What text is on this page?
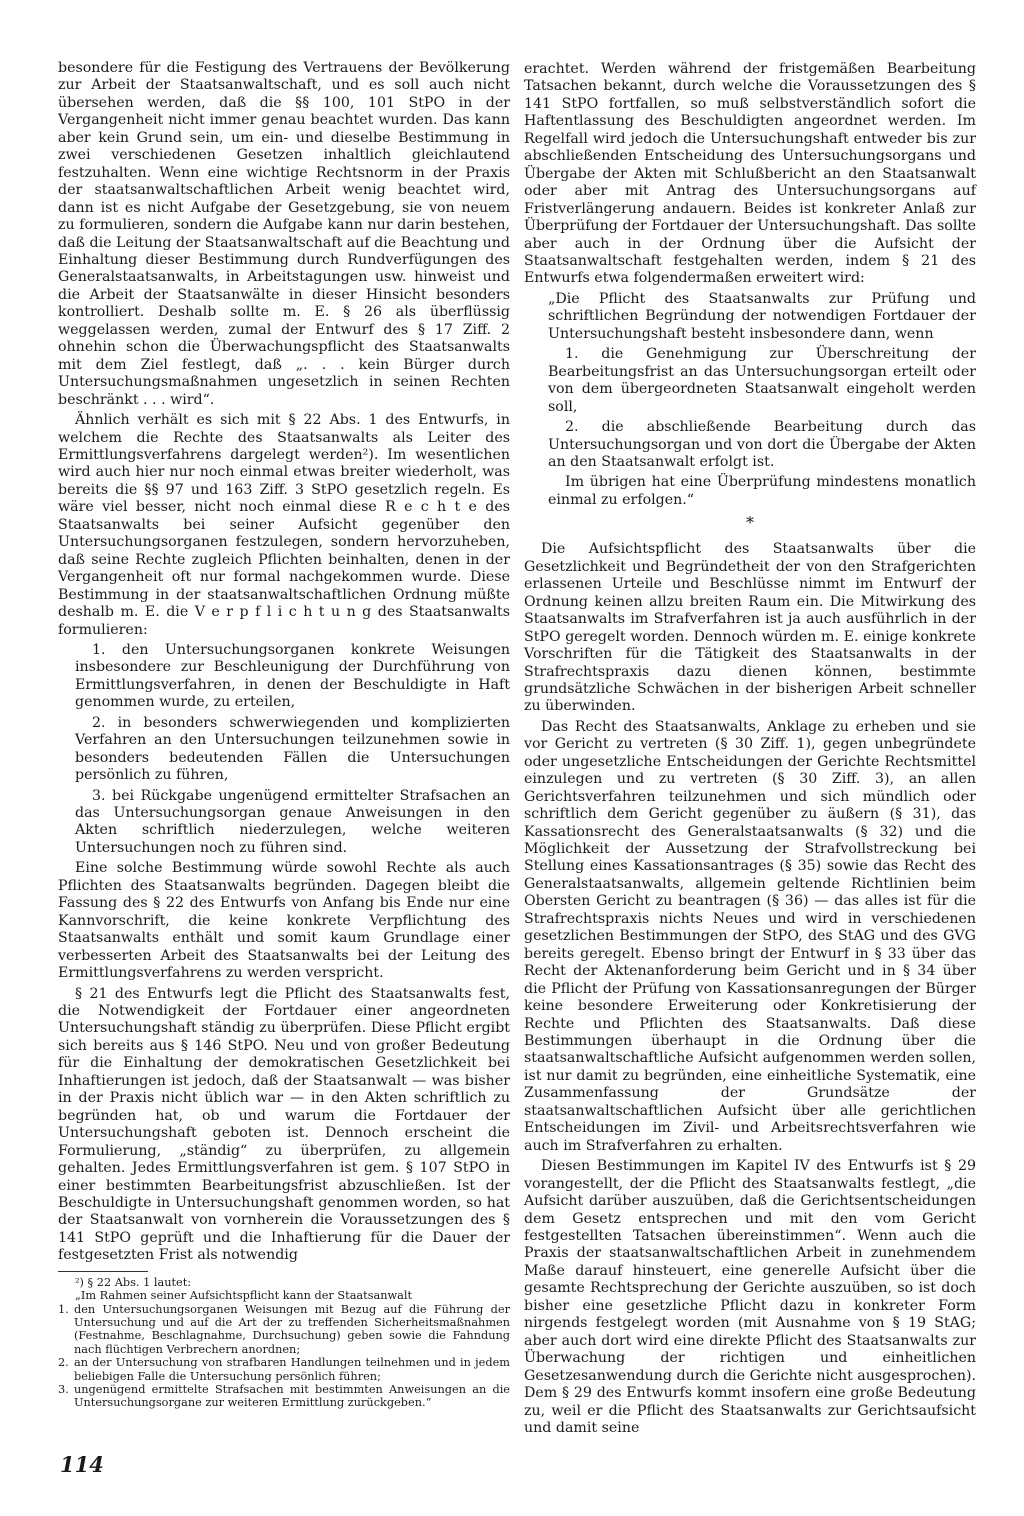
besondere für die Festigung des Vertrauens der Bevölkerung zur Arbeit der Staatsanwaltschaft, und es soll auch nicht übersehen werden, daß die §§ 100, 101 StPO in der Vergangenheit nicht immer genau beachtet wurden. Das kann aber kein Grund sein, um ein- und dieselbe Bestimmung in zwei verschiedenen Gesetzen inhaltlich gleichlautend festzuhalten. Wenn eine wichtige Rechtsnorm in der Praxis der staatsanwaltschaftlichen Arbeit wenig beachtet wird, dann ist es nicht Aufgabe der Gesetzgebung, sie von neuem zu formulieren, sondern die Aufgabe kann nur darin bestehen, daß die Leitung der Staatsanwaltschaft auf die Beachtung und Einhaltung dieser Bestimmung durch Rundverfügungen des Generalstaatsanwalts, in Arbeitstagungen usw. hinweist und die Arbeit der Staatsanwälte in dieser Hinsicht besonders kontrolliert. Deshalb sollte m. E. § 26 als überflüssig weggelassen werden, zumal der Entwurf des § 17 Ziff. 2 ohnehin schon die Überwachungspflicht des Staatsanwalts mit dem Ziel festlegt, daß „. . . kein Bürger durch Untersuchungsmaßnahmen ungesetzlich in seinen Rechten beschränkt . . . wird“.

Ähnlich verhält es sich mit § 22 Abs. 1 des Entwurfs, in welchem die Rechte des Staatsanwalts als Leiter des Ermittlungsverfahrens dargelegt werden²). Im wesentlichen wird auch hier nur noch einmal etwas breiter wiederholt, was bereits die §§ 97 und 163 Ziff. 3 StPO gesetzlich regeln. Es wäre viel besser, nicht noch einmal diese R e c h t e des Staatsanwalts bei seiner Aufsicht gegenüber den Untersuchungsorganen festzulegen, sondern hervorzuheben, daß seine Rechte zugleich Pflichten beinhalten, denen in der Vergangenheit oft nur formal nachgekommen wurde. Diese Bestimmung in der staatsanwaltschaftlichen Ordnung müßte deshalb m. E. die V e r p f l i c h t u n g des Staatsanwalts formulieren:

1. den Untersuchungsorganen konkrete Weisungen insbesondere zur Beschleunigung der Durchführung von Ermittlungsverfahren, in denen der Beschuldigte in Haft genommen wurde, zu erteilen,

2. in besonders schwerwiegenden und komplizierten Verfahren an den Untersuchungen teilzunehmen sowie in besonders bedeutenden Fällen die Untersuchungen persönlich zu führen,

3. bei Rückgabe ungenügend ermittelter Strafsachen an das Untersuchungsorgan genaue Anweisungen in den Akten schriftlich niederzulegen, welche weiteren Untersuchungen noch zu führen sind.

Eine solche Bestimmung würde sowohl Rechte als auch Pflichten des Staatsanwalts begründen. Dagegen bleibt die Fassung des § 22 des Entwurfs von Anfang bis Ende nur eine Kannvorschrift, die keine konkrete Verpflichtung des Staatsanwalts enthält und somit kaum Grundlage einer verbesserten Arbeit des Staatsanwalts bei der Leitung des Ermittlungsverfahrens zu werden verspricht.

§ 21 des Entwurfs legt die Pflicht des Staatsanwalts fest, die Notwendigkeit der Fortdauer einer angeordneten Untersuchungshaft ständig zu überprüfen. Diese Pflicht ergibt sich bereits aus § 146 StPO. Neu und von großer Bedeutung für die Einhaltung der demokratischen Gesetzlichkeit bei Inhaftierungen ist jedoch, daß der Staatsanwalt — was bisher in der Praxis nicht üblich war — in den Akten schriftlich zu begründen hat, ob und warum die Fortdauer der Untersuchungshaft geboten ist. Dennoch erscheint die Formulierung, „ständig“ zu überprüfen, zu allgemein gehalten. Jedes Ermittlungsverfahren ist gem. § 107 StPO in einer bestimmten Bearbeitungsfrist abzuschließen. Ist der Beschuldigte in Untersuchungshaft genommen worden, so hat der Staatsanwalt von vornherein die Voraussetzungen des § 141 StPO geprüft und die Inhaftierung für die Dauer der festgesetzten Frist als notwendig

²) § 22 Abs. 1 lautet:

„Im Rahmen seiner Aufsichtspflicht kann der Staatsanwalt

1. den Untersuchungsorganen Weisungen mit Bezug auf die Führung der Untersuchung und auf die Art der zu treffenden Sicherheitsmaßnahmen (Festnahme, Beschlagnahme, Durchsuchung) geben sowie die Fahndung nach flüchtigen Verbrechern anordnen;
2. an der Untersuchung von strafbaren Handlungen teilnehmen und in jedem beliebigen Falle die Untersuchung persönlich führen;
3. ungenügend ermittelte Strafsachen mit bestimmten Anweisungen an die Untersuchungsorgane zur weiteren Ermittlung zurückgeben.“

erachtet. Werden während der fristgemäßen Bearbeitung Tatsachen bekannt, durch welche die Voraussetzungen des § 141 StPO fortfallen, so muß selbstverständlich sofort die Haftentlassung des Beschuldigten angeordnet werden. Im Regelfall wird jedoch die Untersuchungshaft entweder bis zur abschließenden Entscheidung des Untersuchungsorgans und Übergabe der Akten mit Schlußbericht an den Staatsanwalt oder aber mit Antrag des Untersuchungsorgans auf Fristverlängerung andauern. Beides ist konkreter Anlaß zur Überprüfung der Fortdauer der Untersuchungshaft. Das sollte aber auch in der Ordnung über die Aufsicht der Staatsanwaltschaft festgehalten werden, indem § 21 des Entwurfs etwa folgendermaßen erweitert wird:

„Die Pflicht des Staatsanwalts zur Prüfung und schriftlichen Begründung der notwendigen Fortdauer der Untersuchungshaft besteht insbesondere dann, wenn

1. die Genehmigung zur Überschreitung der Bearbeitungsfrist an das Untersuchungsorgan erteilt oder von dem übergeordneten Staatsanwalt eingeholt werden soll,

2. die abschließende Bearbeitung durch das Untersuchungsorgan und von dort die Übergabe der Akten an den Staatsanwalt erfolgt ist.

Im übrigen hat eine Überprüfung mindestens monatlich einmal zu erfolgen.“

*

Die Aufsichtspflicht des Staatsanwalts über die Gesetzlichkeit und Begründetheit der von den Strafgerichten erlassenen Urteile und Beschlüsse nimmt im Entwurf der Ordnung keinen allzu breiten Raum ein. Die Mitwirkung des Staatsanwalts im Strafverfahren ist ja auch ausführlich in der StPO geregelt worden. Dennoch würden m. E. einige konkrete Vorschriften für die Tätigkeit des Staatsanwalts in der Strafrechtspraxis dazu dienen können, bestimmte grundsätzliche Schwächen in der bisherigen Arbeit schneller zu überwinden.

Das Recht des Staatsanwalts, Anklage zu erheben und sie vor Gericht zu vertreten (§ 30 Ziff. 1), gegen unbegründete oder ungesetzliche Entscheidungen der Gerichte Rechtsmittel einzulegen und zu vertreten (§ 30 Ziff. 3), an allen Gerichtsverfahren teilzunehmen und sich mündlich oder schriftlich dem Gericht gegenüber zu äußern (§ 31), das Kassationsrecht des Generalstaatsanwalts (§ 32) und die Möglichkeit der Aussetzung der Strafvollstreckung bei Stellung eines Kassationsantrages (§ 35) sowie das Recht des Generalstaatsanwalts, allgemein geltende Richtlinien beim Obersten Gericht zu beantragen (§ 36) — das alles ist für die Strafrechtspraxis nichts Neues und wird in verschiedenen gesetzlichen Bestimmungen der StPO, des StAG und des GVG bereits geregelt. Ebenso bringt der Entwurf in § 33 über das Recht der Aktenanforderung beim Gericht und in § 34 über die Pflicht der Prüfung von Kassationsanregungen der Bürger keine besondere Erweiterung oder Konkretisierung der Rechte und Pflichten des Staatsanwalts. Daß diese Bestimmungen überhaupt in die Ordnung über die staatsanwaltschaftliche Aufsicht aufgenommen werden sollen, ist nur damit zu begründen, eine einheitliche Systematik, eine Zusammenfassung der Grundsätze der staatsanwaltschaftlichen Aufsicht über alle gerichtlichen Entscheidungen im Zivil- und Arbeitsrechtsverfahren wie auch im Strafverfahren zu erhalten.

Diesen Bestimmungen im Kapitel IV des Entwurfs ist § 29 vorangestellt, der die Pflicht des Staatsanwalts festlegt, „die Aufsicht darüber auszuüben, daß die Gerichtsentscheidungen dem Gesetz entsprechen und mit den vom Gericht festgestellten Tatsachen übereinstimmen“. Wenn auch die Praxis der staatsanwaltschaftlichen Arbeit in zunehmendem Maße darauf hinsteuert, eine generelle Aufsicht über die gesamte Rechtsprechung der Gerichte auszuüben, so ist doch bisher eine gesetzliche Pflicht dazu in konkreter Form nirgends festgelegt worden (mit Ausnahme von § 19 StAG; aber auch dort wird eine direkte Pflicht des Staatsanwalts zur Überwachung der richtigen und einheitlichen Gesetzesanwendung durch die Gerichte nicht ausgesprochen). Dem § 29 des Entwurfs kommt insofern eine große Bedeutung zu, weil er die Pflicht des Staatsanwalts zur Gerichtsaufsicht und damit seine

114
